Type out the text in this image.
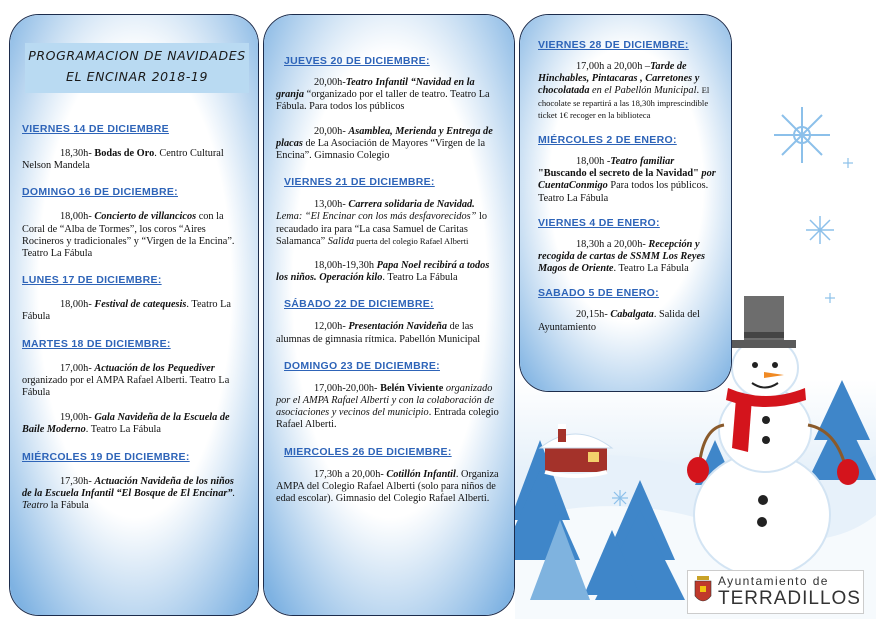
PROGRAMACION DE NAVIDADES
EL ENCINAR 2018-19

VIERNES 14 DE DICIEMBRE

18,30h- Bodas de Oro. Centro Cultural Nelson Mandela

DOMINGO 16 DE DICIEMBRE:

18,00h- Concierto de villancicos con la Coral de “Alba de Tormes”, los coros “Aires Rocineros y tradicionales” y “Virgen de la Encina”. Teatro La Fábula

LUNES 17 DE DICIEMBRE:

18,00h- Festival de catequesis. Teatro La Fábula

MARTES 18 DE DICIEMBRE:

17,00h- Actuación de los Pequediver organizado por el AMPA Rafael Alberti. Teatro La Fábula

19,00h- Gala Navideña de la Escuela de Baile Moderno. Teatro La Fábula

MIÉRCOLES 19 DE DICIEMBRE:

17,30h- Actuación Navideña de los niños de la Escuela Infantil “El Bosque de El Encinar”. Teatro la Fábula

JUEVES 20 DE DICIEMBRE:

20,00h-Teatro Infantil “Navidad en la granja “organizado por el taller de teatro. Teatro La Fábula. Para todos los públicos

20,00h- Asamblea, Merienda y Entrega de placas de La Asociación de Mayores “Virgen de la Encina”. Gimnasio Colegio

VIERNES 21 DE DICIEMBRE:

13,00h- Carrera solidaria de Navidad. Lema: “El Encinar con los más desfavorecidos” lo recaudado ira para “La casa Samuel de Caritas Salamanca” Salida puerta del colegio Rafael Alberti

18,00h-19,30h Papa Noel recibirá a todos los niños. Operación kilo. Teatro La Fábula

SÁBADO 22 DE DICIEMBRE:

12,00h- Presentación Navideña de las alumnas de gimnasia rítmica. Pabellón Municipal

DOMINGO 23 DE DICIEMBRE:

17,00h-20,00h- Belén Viviente organizado por el AMPA Rafael Alberti y con la colaboración de asociaciones y vecinos del municipio. Entrada colegio Rafael Alberti.

MIERCOLES 26 DE DICIEMBRE:

17,30h a 20,00h- Cotillón Infantil. Organiza AMPA del Colegio Rafael Alberti (solo para niños de edad escolar). Gimnasio del Colegio Rafael Alberti.

VIERNES 28 DE DICIEMBRE:

17,00h a 20,00h –Tarde de Hinchables, Pintacaras , Carretones y chocolatada en el Pabellón Municipal. El chocolate se repartirá a las 18,30h imprescindible ticket 1€ recoger en la biblioteca

MIÉRCOLES 2 DE ENERO:

18,00h -Teatro familiar "Buscando el secreto de la Navidad" por CuentaConmigo Para todos los públicos. Teatro La Fábula

VIERNES 4 DE ENERO:

18,30h a 20,00h- Recepción y recogida de cartas de SSMM Los Reyes Magos de Oriente. Teatro La Fábula

SABADO 5 DE ENERO:

20,15h- Cabalgata. Salida del Ayuntamiento

Ayuntamiento de
TERRADILLOS
